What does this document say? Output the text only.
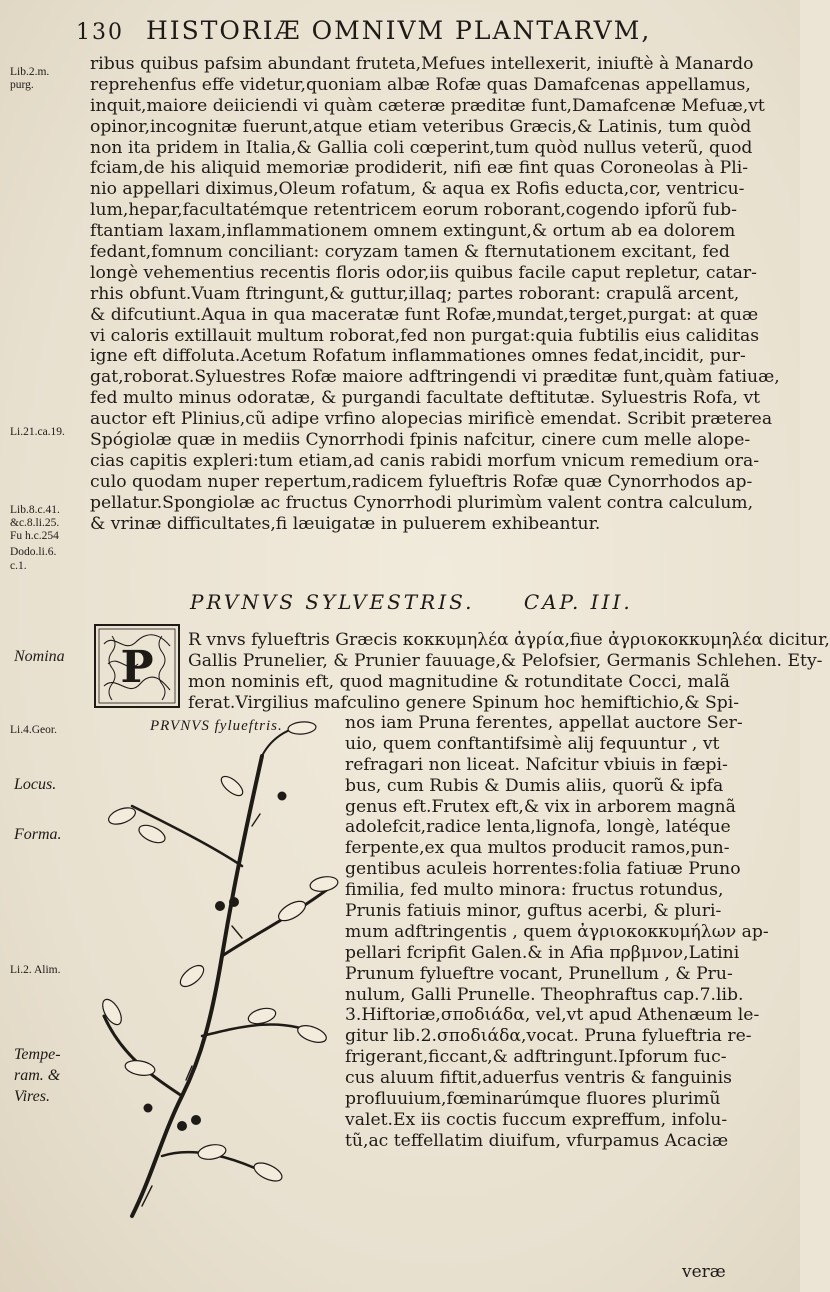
130 HISTORIÆ OMNIVM PLANTARVM,
Lib.2.m.
purg.
Li.21.ca.19.
Lib.8.c.41.
&c.8.li.25.
Fu h.c.254
Dodo.li.6.
c.1.
ribus quibus pafsim abundant fruteta,Mefues intellexerit, iniuftè à Manardo
reprehenfus effe videtur,quoniam albæ Rofæ quas Damafcenas appellamus,
inquit,maiore deiiciendi vi quàm cæteræ præditæ funt,Damafcenæ Mefuæ,vt
opinor,incognitæ fuerunt,atque etiam veteribus Græcis,& Latinis, tum quòd
non ita pridem in Italia,& Gallia coli cœperint,tum quòd nullus veterũ, quod
fciam,de his aliquid memoriæ prodiderit, nifi eæ fint quas Coroneolas à Pli-
nio appellari diximus,Oleum rofatum, & aqua ex Rofis educta,cor, ventricu-
lum,hepar,facultatémque retentricem eorum roborant,cogendo ipforũ fub-
ftantiam laxam,inflammationem omnem extingunt,& ortum ab ea dolorem
fedant,fomnum conciliant: coryzam tamen & fternutationem excitant, fed
longè vehementius recentis floris odor,iis quibus facile caput repletur, catar-
rhis obfunt.Vuam ftringunt,& guttur,illaq; partes roborant: crapulã arcent,
& difcutiunt.Aqua in qua maceratæ funt Rofæ,mundat,terget,purgat: at quæ
vi caloris extillauit multum roborat,fed non purgat:quia fubtilis eius caliditas
igne eft diffoluta.Acetum Rofatum inflammationes omnes fedat,incidit, pur-
gat,roborat.Syluestres Rofæ maiore adftringendi vi præditæ funt,quàm fatiuæ,
fed multo minus odoratæ, & purgandi facultate deftitutæ. Syluestris Rofa, vt
auctor eft Plinius,cũ adipe vrfino alopecias mirificè emendat. Scribit præterea
Spógiolæ quæ in mediis Cynorrhodi fpinis nafcitur, cinere cum melle alope-
cias capitis expleri:tum etiam,ad canis rabidi morfum vnicum remedium ora-
culo quodam nuper repertum,radicem fylueftris Rofæ quæ Cynorrhodos ap-
pellatur.Spongiolæ ac fructus Cynorrhodi plurimùm valent contra calculum,
& vrinæ difficultates,fi læuigatæ in puluerem exhibeantur.
PRVNVS SYLVESTRIS. CAP. III.
P
R vnvs fylueftris Græcis κοκκυμηλέα ἀγρία,fiue ἀγριοκοκκυμηλέα dicitur,
Gallis Prunelier, & Prunier fauuage,& Pelofsier, Germanis Schlehen. Ety-
mon nominis eft, quod magnitudine & rotunditate Cocci, malã
ferat.Virgilius mafculino genere Spinum hoc hemiftichio,& Spi-
PRVNVS fylueftris.	nos iam Pruna ferentes, appellat auctore Ser-
uio, quem conftantifsimè alij fequuntur , vt
refragari non liceat. Nafcitur vbiuis in fæpi-
bus, cum Rubis & Dumis aliis, quorũ & ipfa
genus eft.Frutex eft,& vix in arborem magnã
adolefcit,radice lenta,lignofa, longè, latéque
ferpente,ex qua multos producit ramos,pun-
gentibus aculeis horrentes:folia fatiuæ Pruno
fimilia, fed multo minora: fructus rotundus,
Prunis fatiuis minor, guftus acerbi, & pluri-
mum adftringentis , quem ἀγριοκοκκυμήλων ap-
pellari fcripfit Galen.& in Afia πρβμνον,Latini
Prunum fylueftre vocant, Prunellum , & Pru-
nulum, Galli Prunelle. Theophraftus cap.7.lib.
3.Hiftoriæ,σποδιάδα, vel,vt apud Athenæum le-
gitur lib.2.σποδιάδα,vocat. Pruna fylueftria re-
frigerant,ficcant,& adftringunt.Ipforum fuc-
cus aluum fiftit,aduerfus ventris & fanguinis
profluuium,fœminarúmque fluores plurimũ
valet.Ex iis coctis fuccum expreffum, infolu-
tũ,ac teffellatim diuifum, vfurpamus Acaciæ
veræ
Li.4.Geor.
Li.2. Alim.
Nomina
Locus.
Forma.
Tempe-
ram. &
Vires.
